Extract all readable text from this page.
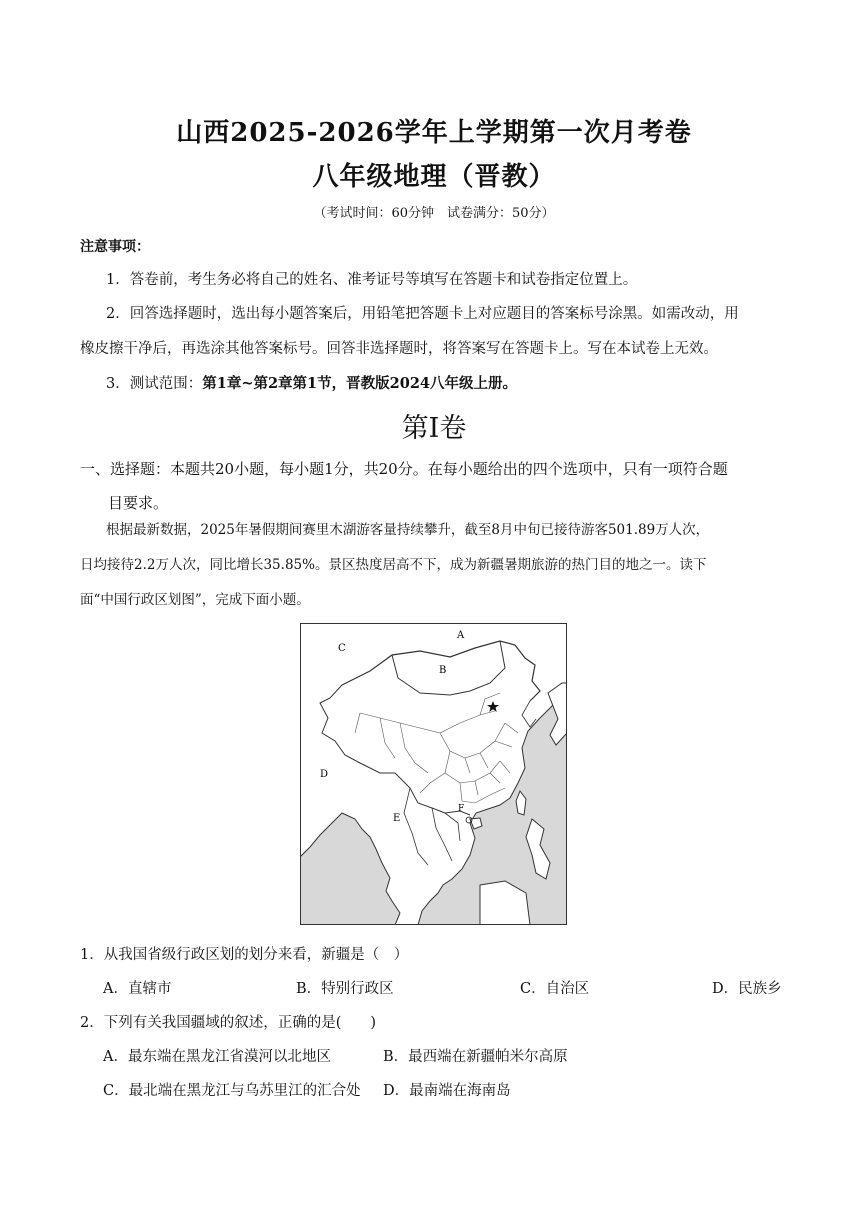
山西2025-2026学年上学期第一次月考卷
八年级地理（晋教）
（考试时间：60分钟　试卷满分：50分）
注意事项：
1．答卷前，考生务必将自己的姓名、准考证号等填写在答题卡和试卷指定位置上。
2．回答选择题时，选出每小题答案后，用铅笔把答题卡上对应题目的答案标号涂黑。如需改动，用
橡皮擦干净后，再选涂其他答案标号。回答非选择题时，将答案写在答题卡上。写在本试卷上无效。
3．测试范围：第1章~第2章第1节，晋教版2024八年级上册。
第Ⅰ卷
一、选择题：本题共20小题，每小题1分，共20分。在每小题给出的四个选项中，只有一项符合题
目要求。
根据最新数据，2025年暑假期间赛里木湖游客量持续攀升，截至8月中旬已接待游客501.89万人次，
日均接待2.2万人次，同比增长35.85%。景区热度居高不下，成为新疆暑期旅游的热门目的地之一。读下
面“中国行政区划图”，完成下面小题。
A
B
C
D
E
F
1．从我国省级行政区划的划分来看，新疆是（　）
A．直辖市	B．特别行政区	C．自治区	D．民族乡
2．下列有关我国疆域的叙述，正确的是(　　)
A．最东端在黑龙江省漠河以北地区	B．最西端在新疆帕米尔高原
C．最北端在黑龙江与乌苏里江的汇合处 D．最南端在海南岛
